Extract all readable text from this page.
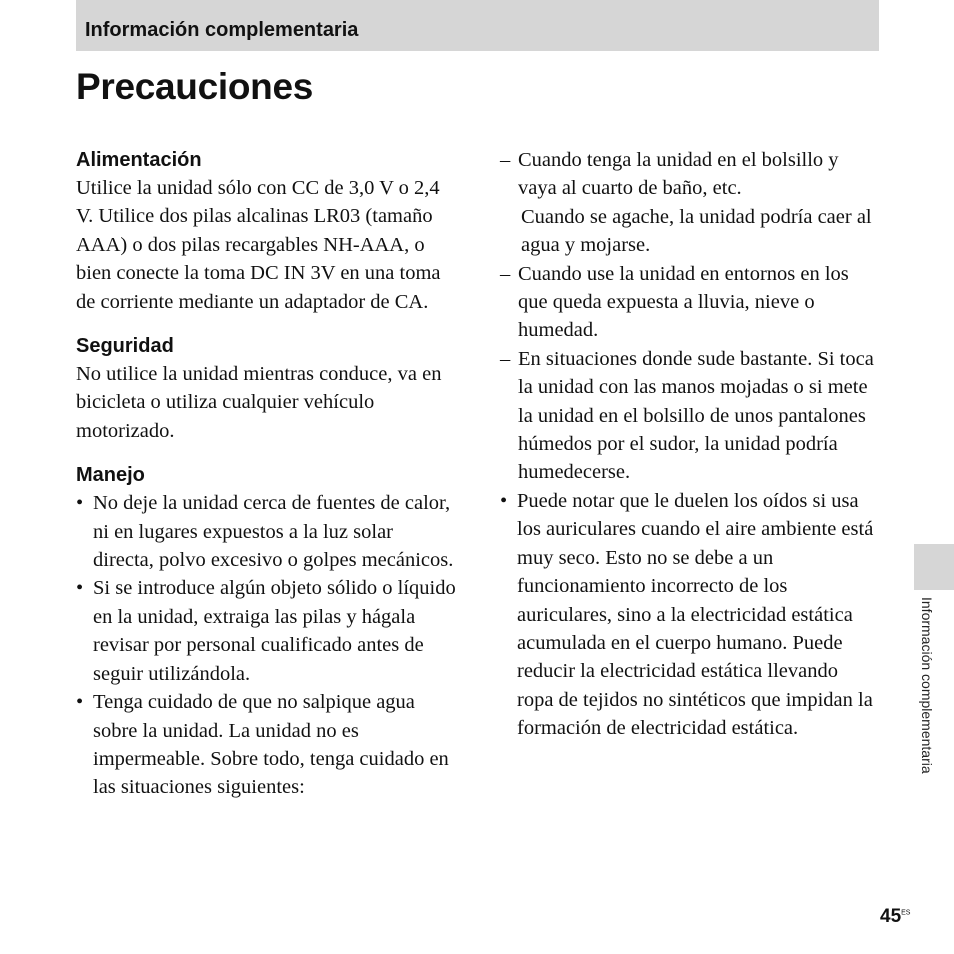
Información complementaria
Precauciones
Alimentación

Utilice la unidad sólo con CC de 3,0 V o 2,4 V. Utilice dos pilas alcalinas LR03 (tamaño AAA) o dos pilas recargables NH-AAA, o bien conecte la toma DC IN 3V en una toma de corriente mediante un adaptador de CA.

Seguridad

No utilice la unidad mientras conduce, va en bicicleta o utiliza cualquier vehículo motorizado.

Manejo
• No deje la unidad cerca de fuentes de calor, ni en lugares expuestos a la luz solar directa, polvo excesivo o golpes mecánicos.
• Si se introduce algún objeto sólido o líquido en la unidad, extraiga las pilas y hágala revisar por personal cualificado antes de seguir utilizándola.
• Tenga cuidado de que no salpique agua sobre la unidad. La unidad no es impermeable. Sobre todo, tenga cuidado en las situaciones siguientes:
– Cuando tenga la unidad en el bolsillo y vaya al cuarto de baño, etc.
Cuando se agache, la unidad podría caer al agua y mojarse.
– Cuando use la unidad en entornos en los que queda expuesta a lluvia, nieve o humedad.
– En situaciones donde sude bastante. Si toca la unidad con las manos mojadas o si mete la unidad en el bolsillo de unos pantalones húmedos por el sudor, la unidad podría humedecerse.
• Puede notar que le duelen los oídos si usa los auriculares cuando el aire ambiente está muy seco. Esto no se debe a un funcionamiento incorrecto de los auriculares, sino a la electricidad estática acumulada en el cuerpo humano. Puede reducir la electricidad estática llevando ropa de tejidos no sintéticos que impidan la formación de electricidad estática.	Información complementaria
$45^{ES}$
